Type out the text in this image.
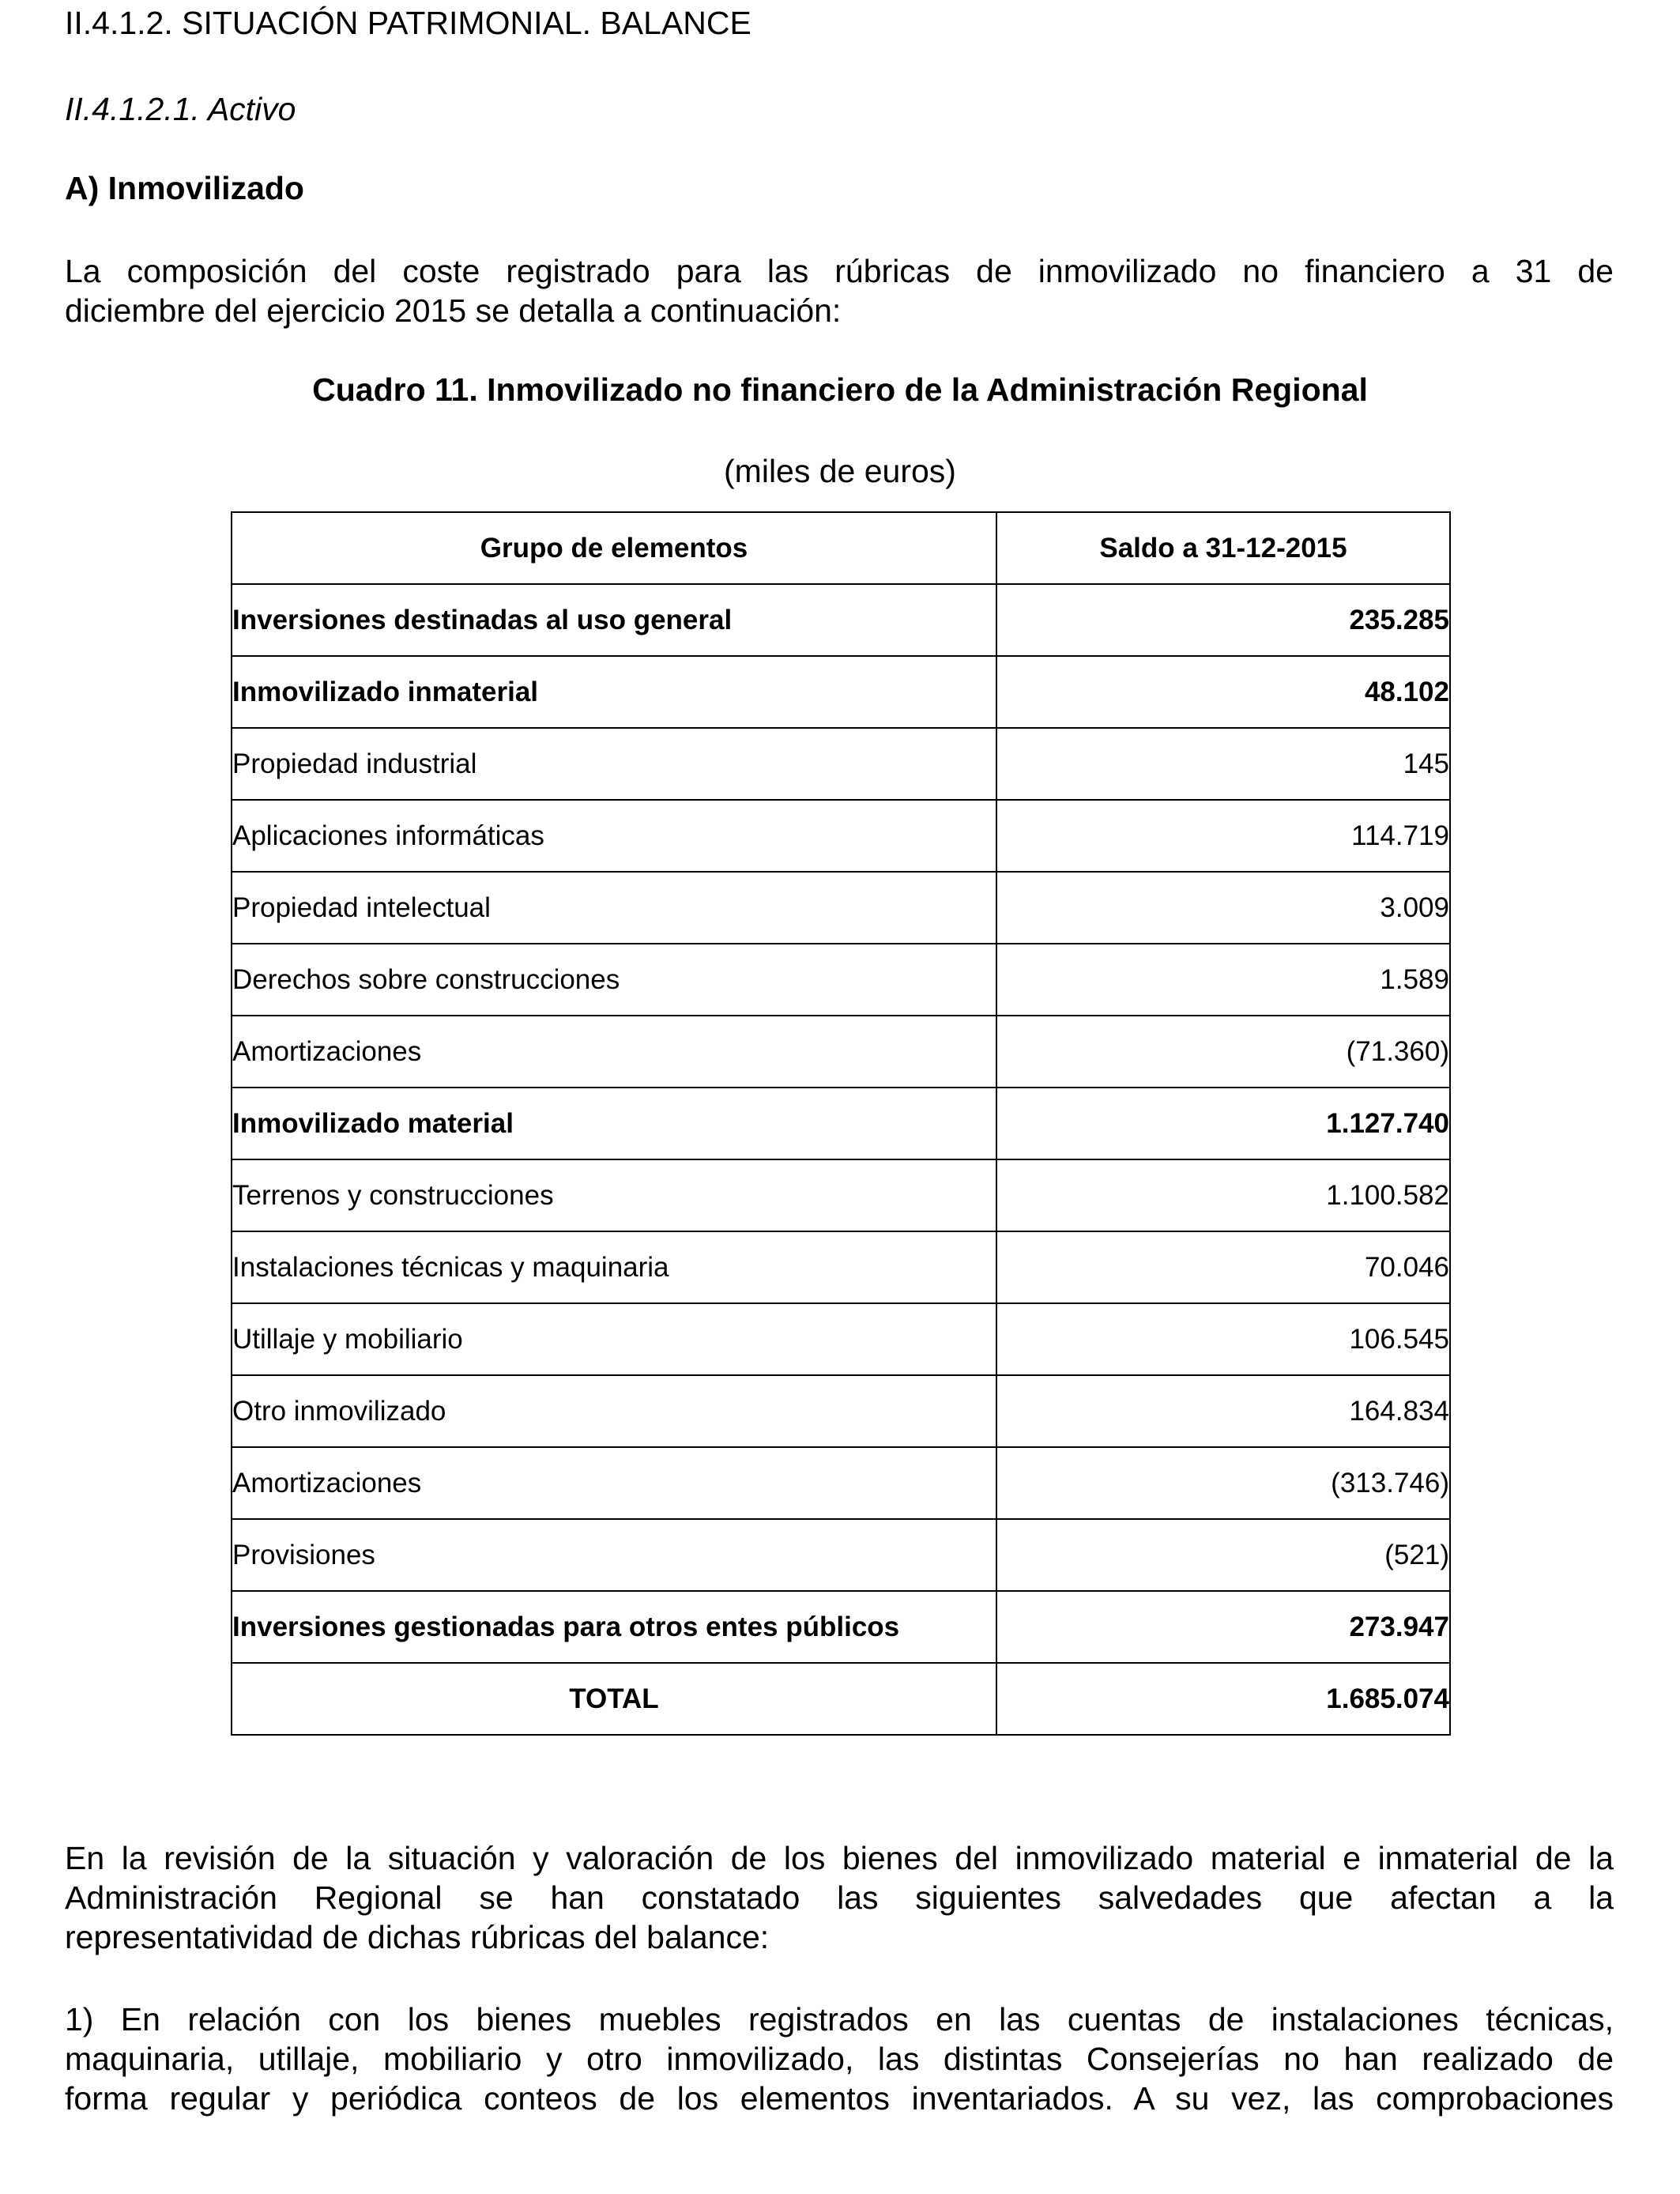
II.4.1.2. SITUACIÓN PATRIMONIAL. BALANCE
II.4.1.2.1. Activo
A) Inmovilizado

La composición del coste registrado para las rúbricas de inmovilizado no financiero a 31 de
diciembre del ejercicio 2015 se detalla a continuación:

Cuadro 11. Inmovilizado no financiero de la Administración Regional
(miles de euros)
Grupo de elementos	Saldo a 31-12-2015
Inversiones destinadas al uso general	235.285
Inmovilizado inmaterial	48.102
Propiedad industrial	145
Aplicaciones informáticas	114.719
Propiedad intelectual	3.009
Derechos sobre construcciones	1.589
Amortizaciones	(71.360)
Inmovilizado material	1.127.740
Terrenos y construcciones	1.100.582
Instalaciones técnicas y maquinaria	70.046
Utillaje y mobiliario	106.545
Otro inmovilizado	164.834
Amortizaciones	(313.746)
Provisiones	(521)
Inversiones gestionadas para otros entes públicos	273.947
TOTAL	1.685.074

En la revisión de la situación y valoración de los bienes del inmovilizado material e inmaterial de la
Administración Regional se han constatado las siguientes salvedades que afectan a la
representatividad de dichas rúbricas del balance:

1) En relación con los bienes muebles registrados en las cuentas de instalaciones técnicas,
maquinaria, utillaje, mobiliario y otro inmovilizado, las distintas Consejerías no han realizado de
forma regular y periódica conteos de los elementos inventariados. A su vez, las comprobaciones
